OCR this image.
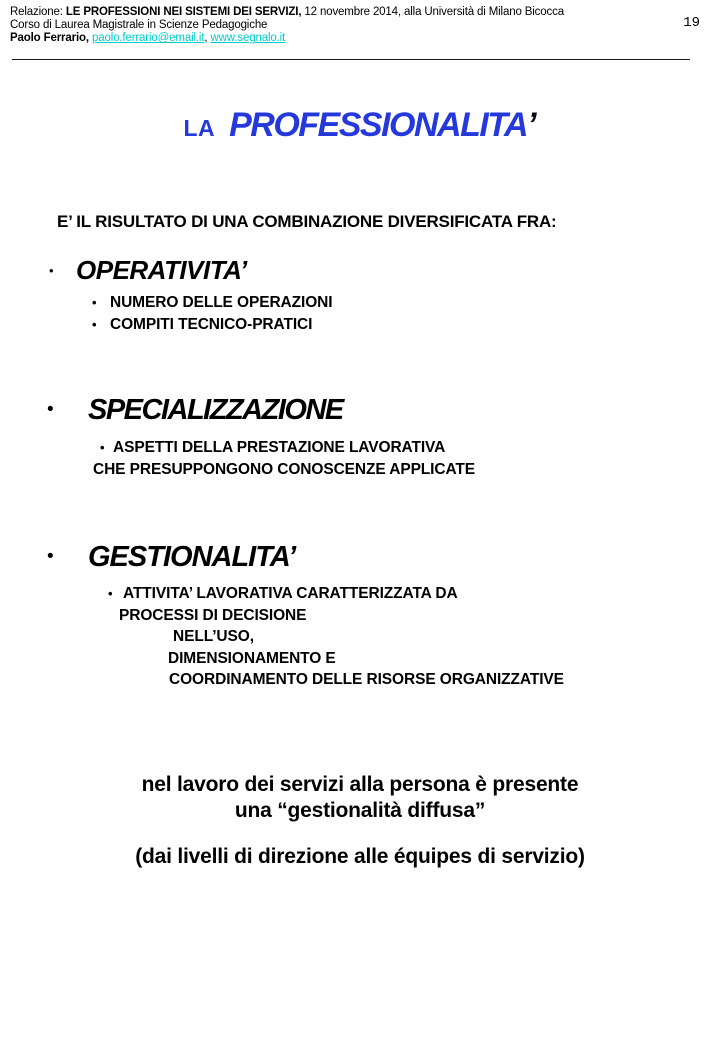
Relazione: LE PROFESSIONI NEI SISTEMI DEI SERVIZI, 12 novembre 2014, alla Università di Milano Bicocca
Corso di Laurea Magistrale in Scienze Pedagogiche
Paolo Ferrario, paolo.ferrario@email.it, www.segnalo.it
19
LA PROFESSIONALITA’
E’ IL RISULTATO DI UNA COMBINAZIONE DIVERSIFICATA FRA:
• OPERATIVITA’
• NUMERO DELLE OPERAZIONI
• COMPITI TECNICO-PRATICI
• SPECIALIZZAZIONE
• ASPETTI DELLA PRESTAZIONE LAVORATIVA
CHE PRESUPPONGONO CONOSCENZE APPLICATE
• GESTIONALITA’
• ATTIVITA’ LAVORATIVA CARATTERIZZATA DA
PROCESSI DI DECISIONE
NELL’USO,
DIMENSIONAMENTO E
COORDINAMENTO DELLE RISORSE ORGANIZZATIVE
nel lavoro dei servizi alla persona è presente
una “gestionalità diffusa”
(dai livelli di direzione alle équipes di servizio)
